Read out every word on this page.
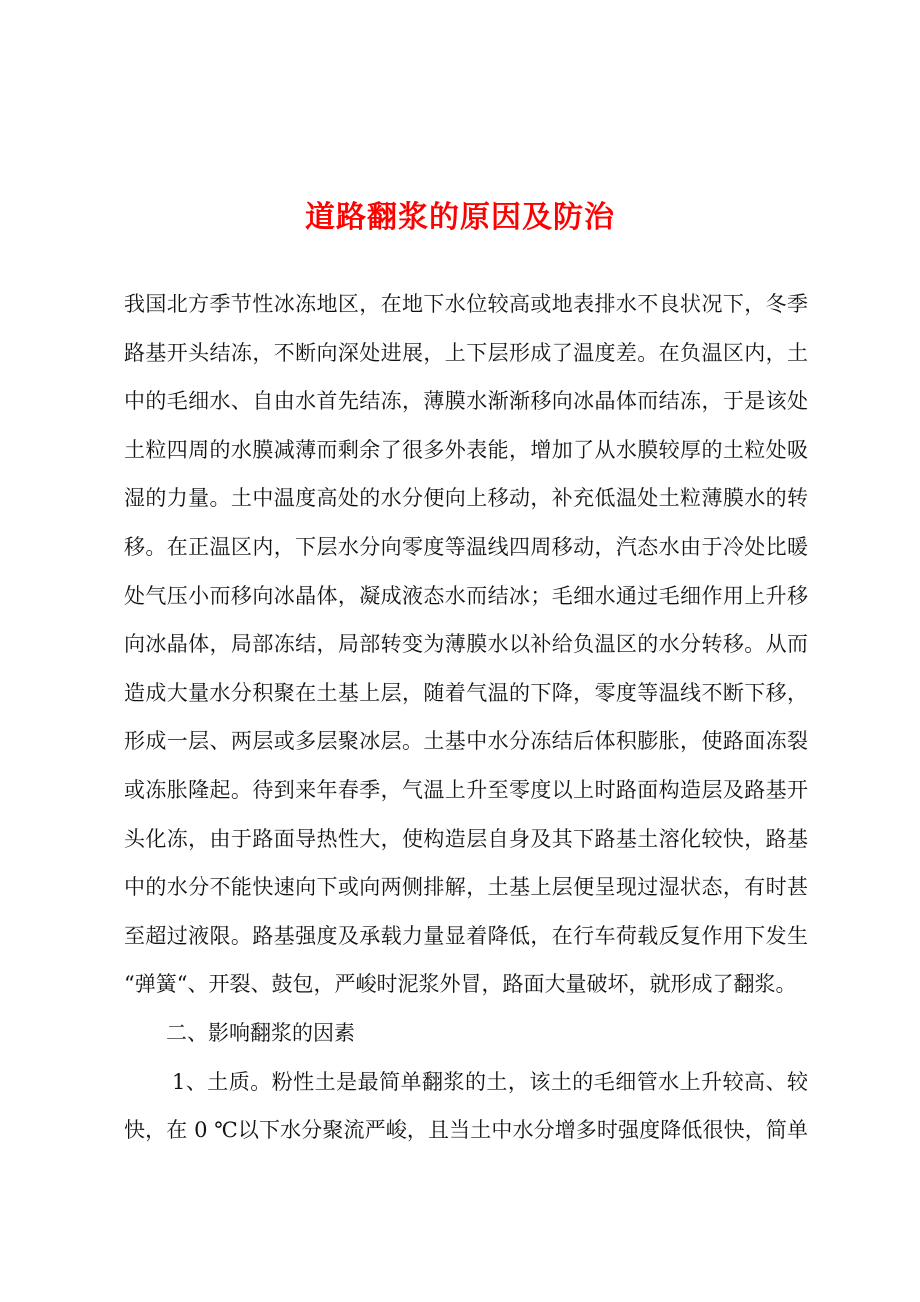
道路翻浆的原因及防治
我国北方季节性冰冻地区，在地下水位较高或地表排水不良状况下，冬季
路基开头结冻，不断向深处进展，上下层形成了温度差。在负温区内，土
中的毛细水、自由水首先结冻，薄膜水渐渐移向冰晶体而结冻，于是该处
土粒四周的水膜减薄而剩余了很多外表能，增加了从水膜较厚的土粒处吸
湿的力量。土中温度高处的水分便向上移动，补充低温处土粒薄膜水的转
移。在正温区内，下层水分向零度等温线四周移动，汽态水由于冷处比暖
处气压小而移向冰晶体，凝成液态水而结冰；毛细水通过毛细作用上升移
向冰晶体，局部冻结，局部转变为薄膜水以补给负温区的水分转移。从而
造成大量水分积聚在土基上层，随着气温的下降，零度等温线不断下移，
形成一层、两层或多层聚冰层。土基中水分冻结后体积膨胀，使路面冻裂
或冻胀隆起。待到来年春季，气温上升至零度以上时路面构造层及路基开
头化冻，由于路面导热性大，使构造层自身及其下路基土溶化较快，路基
中的水分不能快速向下或向两侧排解，土基上层便呈现过湿状态，有时甚
至超过液限。路基强度及承载力量显着降低，在行车荷载反复作用下发生
“弹簧“、开裂、鼓包，严峻时泥浆外冒，路面大量破坏，就形成了翻浆。
二、影响翻浆的因素
1、土质。粉性土是最简单翻浆的土，该土的毛细管水上升较高、较
快，在 0 ℃以下水分聚流严峻，且当土中水分增多时强度降低很快，简单
